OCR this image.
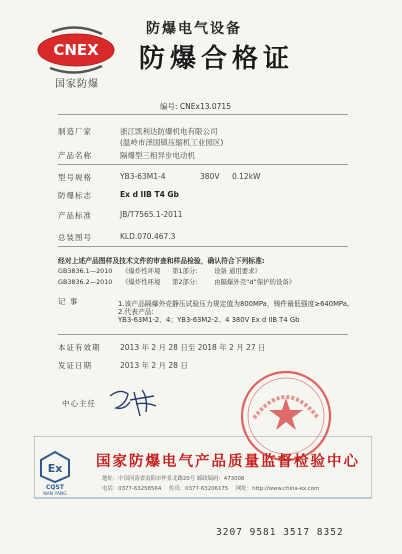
CNEX
国家防爆
防爆电气设备
防爆合格证
编号: CNEx13.0715
制造厂家	浙江凯利达防爆机电有限公司
(温岭市泽国镇压缩机工业园区)
产品名称	隔爆型三相异步电动机
型号规格	YB3-63M1-4	380V 0.12kW
防爆标志	Ex d IIB T4 Gb
产品标准	JB/T7565.1-2011
总装图号	KLD.070.467.3
经对上述产品图样及技术文件的审查和样品检验，确认符合下列标准:
GB3836.1—2010 《爆炸性环境 第1部分:	设备 通用要求》
GB3836.2—2010 《爆炸性环境 第2部分:	由隔爆外壳“d”保护的设备》
记 事	1.该产品隔爆外壳静压试验压力规定值为800MPa，铸件最低强度≥640MPa。
2.代表产品:
YB3-63M1-2、4；YB3-63M2-2、4 380V Ex d IIB T4 Gb
本证有效期	2013 年 2 月 28 日至 2018 年 2 月 27 日
发证日期	2013 年 2 月 28 日
中心主任
Ex
CQST
NAN YANG
国家防爆电气产品质量监督检验中心
地址：中国河南省南阳市仲景北路20号 邮政编码：473008
电话：0377-63258564 传真：0377-63206175 网址：http://www.china-ex.com
3207 9581 3517 8352
